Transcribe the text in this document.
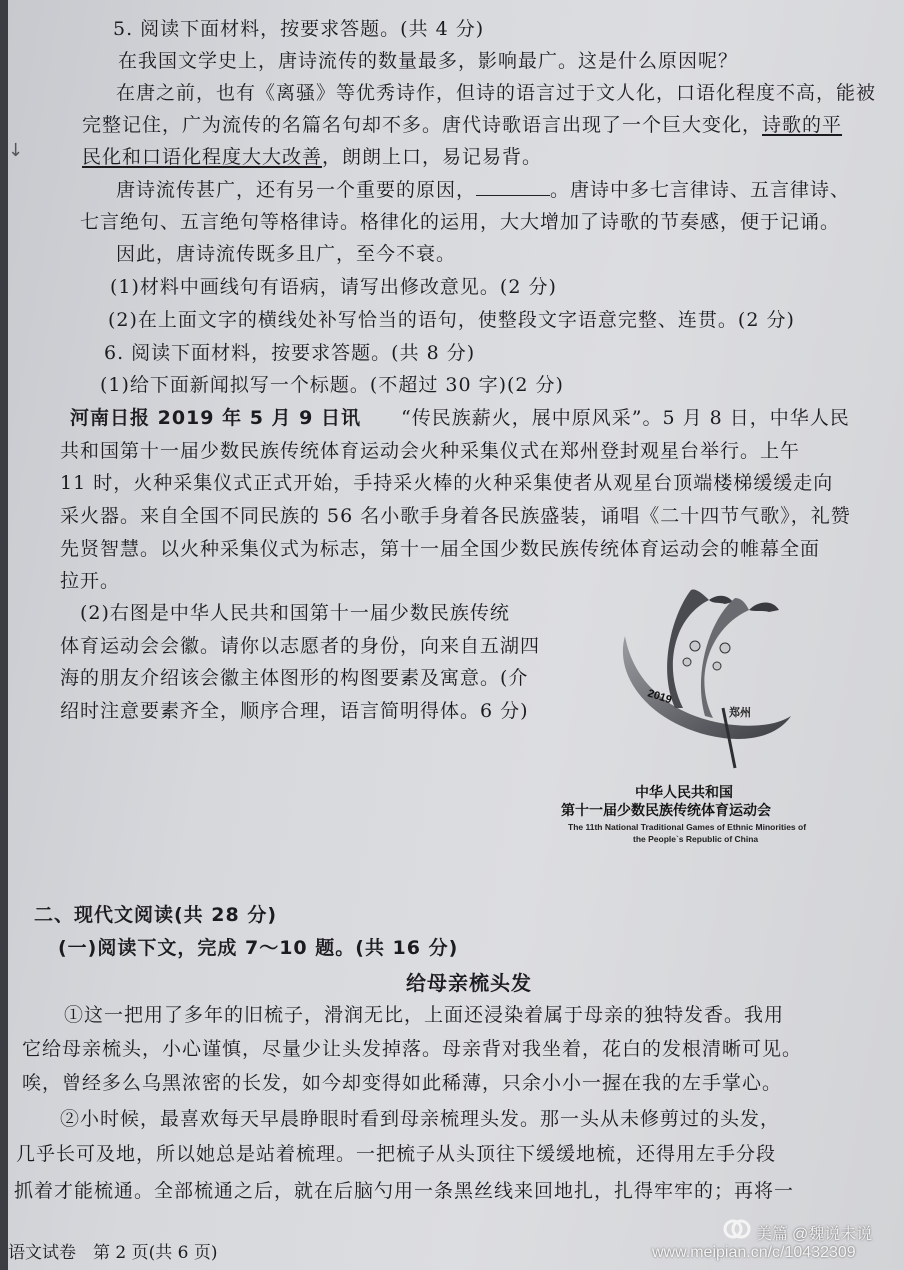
↓
5. 阅读下面材料，按要求答题。(共 4 分)
在我国文学史上，唐诗流传的数量最多，影响最广。这是什么原因呢？
在唐之前，也有《离骚》等优秀诗作，但诗的语言过于文人化，口语化程度不高，能被
完整记住，广为流传的名篇名句却不多。唐代诗歌语言出现了一个巨大变化，诗歌的平
民化和口语化程度大大改善，朗朗上口，易记易背。
唐诗流传甚广，还有另一个重要的原因，	。唐诗中多七言律诗、五言律诗、
七言绝句、五言绝句等格律诗。格律化的运用，大大增加了诗歌的节奏感，便于记诵。
因此，唐诗流传既多且广，至今不衰。
(1)材料中画线句有语病，请写出修改意见。(2 分)
(2)在上面文字的横线处补写恰当的语句，使整段文字语意完整、连贯。(2 分)
6. 阅读下面材料，按要求答题。(共 8 分)
(1)给下面新闻拟写一个标题。(不超过 30 字)(2 分)
河南日报 2019 年 5 月 9 日讯 “传民族薪火，展中原风采”。5 月 8 日，中华人民
共和国第十一届少数民族传统体育运动会火种采集仪式在郑州登封观星台举行。上午
11 时，火种采集仪式正式开始，手持采火棒的火种采集使者从观星台顶端楼梯缓缓走向
采火器。来自全国不同民族的 56 名小歌手身着各民族盛装，诵唱《二十四节气歌》，礼赞
先贤智慧。以火种采集仪式为标志，第十一届全国少数民族传统体育运动会的帷幕全面
拉开。
(2)右图是中华人民共和国第十一届少数民族传统
体育运动会会徽。请你以志愿者的身份，向来自五湖四
海的朋友介绍该会徽主体图形的构图要素及寓意。(介
绍时注意要素齐全，顺序合理，语言简明得体。6 分)
2019
郑州
中华人民共和国
第十一届少数民族传统体育运动会
The 11th National Traditional Games of Ethnic Minorities of
the People`s Republic of China
二、现代文阅读(共 28 分)
(一)阅读下文，完成 7～10 题。(共 16 分)
给母亲梳头发
①这一把用了多年的旧梳子，滑润无比，上面还浸染着属于母亲的独特发香。我用
它给母亲梳头，小心谨慎，尽量少让头发掉落。母亲背对我坐着，花白的发根清晰可见。
唉，曾经多么乌黑浓密的长发，如今却变得如此稀薄，只余小小一握在我的左手掌心。
②小时候，最喜欢每天早晨睁眼时看到母亲梳理头发。那一头从未修剪过的头发，
几乎长可及地，所以她总是站着梳理。一把梳子从头顶往下缓缓地梳，还得用左手分段
抓着才能梳通。全部梳通之后，就在后脑勺用一条黑丝线来回地扎，扎得牢牢的；再将一
语文试卷　第 2 页(共 6 页)
美篇 @魏说未说
www.meipian.cn/c/10432309
